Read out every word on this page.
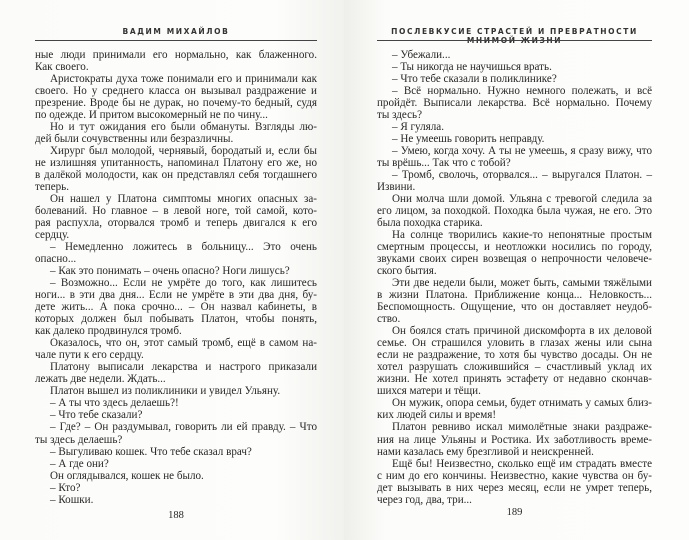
ВАДИМ МИХАЙЛОВ
ные люди принимали его нормально, как блаженного.
Как своего.
Аристократы духа тоже понимали его и принимали как
своего. Но у среднего класса он вызывал раздражение и
презрение. Вроде бы не дурак, но почему-то бедный, судя
по одежде. И притом высокомерный не по чину...
Но и тут ожидания его были обмануты. Взгляды лю-
дей были сочувственны или безразличны.
Хирург был молодой, чернявый, бородатый и, если бы
не излишняя упитанность, напоминал Платону его же, но
в далёкой молодости, как он представлял себя тогдашнего
теперь.
Он нашел у Платона симптомы многих опасных за-
болеваний. Но главное – в левой ноге, той самой, кото-
рая распухла, оторвался тромб и теперь двигался к его
сердцу.
– Немедленно ложитесь в больницу... Это очень
опасно...
– Как это понимать – очень опасно? Ноги лишусь?
– Возможно... Если не умрёте до того, как лишитесь
ноги... в эти два дня... Если не умрёте в эти два дня, бу-
дете жить... А пока срочно... – Он назвал кабинеты, в
которых должен был побывать Платон, чтобы понять,
как далеко продвинулся тромб.
Оказалось, что он, этот самый тромб, ещё в самом на-
чале пути к его сердцу.
Платону выписали лекарства и настрого приказали
лежать две недели. Ждать...
Платон вышел из поликлиники и увидел Ульяну.
– А ты что здесь делаешь?!
– Что тебе сказали?
– Где? – Он раздумывал, говорить ли ей правду. – Что
ты здесь делаешь?
– Выгуливаю кошек. Что тебе сказал врач?
– А где они?
Он оглядывался, кошек не было.
– Кто?
– Кошки.
188
ПОСЛЕВКУСИЕ СТРАСТЕЙ И ПРЕВРАТНОСТИ МНИМОЙ ЖИЗНИ
– Убежали...
– Ты никогда не научишься врать.
– Что тебе сказали в поликлинике?
– Всё нормально. Нужно немного полежать, и всё
пройдёт. Выписали лекарства. Всё нормально. Почему
ты здесь?
– Я гуляла.
– Не умеешь говорить неправду.
– Умею, когда хочу. А ты не умеешь, я сразу вижу, что
ты врёшь... Так что с тобой?
– Тромб, сволочь, оторвался... – выругался Платон. –
Извини.
Они молча шли домой. Ульяна с тревогой следила за
его лицом, за походкой. Походка была чужая, не его. Это
была походка старика.
На солнце творились какие-то непонятные простым
смертным процессы, и неотложки носились по городу,
звуками своих сирен возвещая о непрочности человече-
ского бытия.
Эти две недели были, может быть, самыми тяжёлыми
в жизни Платона. Приближение конца... Неловкость...
Беспомощность. Ощущение, что он доставляет неудоб-
ство.
Он боялся стать причиной дискомфорта в их деловой
семье. Он страшился уловить в глазах жены или сына
если не раздражение, то хотя бы чувство досады. Он не
хотел разрушать сложившийся – счастливый уклад их
жизни. Не хотел принять эстафету от недавно скончав-
шихся матери и тёщи.
Он мужик, опора семьи, будет отнимать у самых близ-
ких людей силы и время!
Платон ревниво искал мимолётные знаки раздраже-
ния на лице Ульяны и Ростика. Их заботливость време-
нами казалась ему брезгливой и неискренней.
Ещё бы! Неизвестно, сколько ещё им страдать вместе
с ним до его кончины. Неизвестно, какие чувства он бу-
дет вызывать в них через месяц, если не умрет теперь,
через год, два, три...
189
